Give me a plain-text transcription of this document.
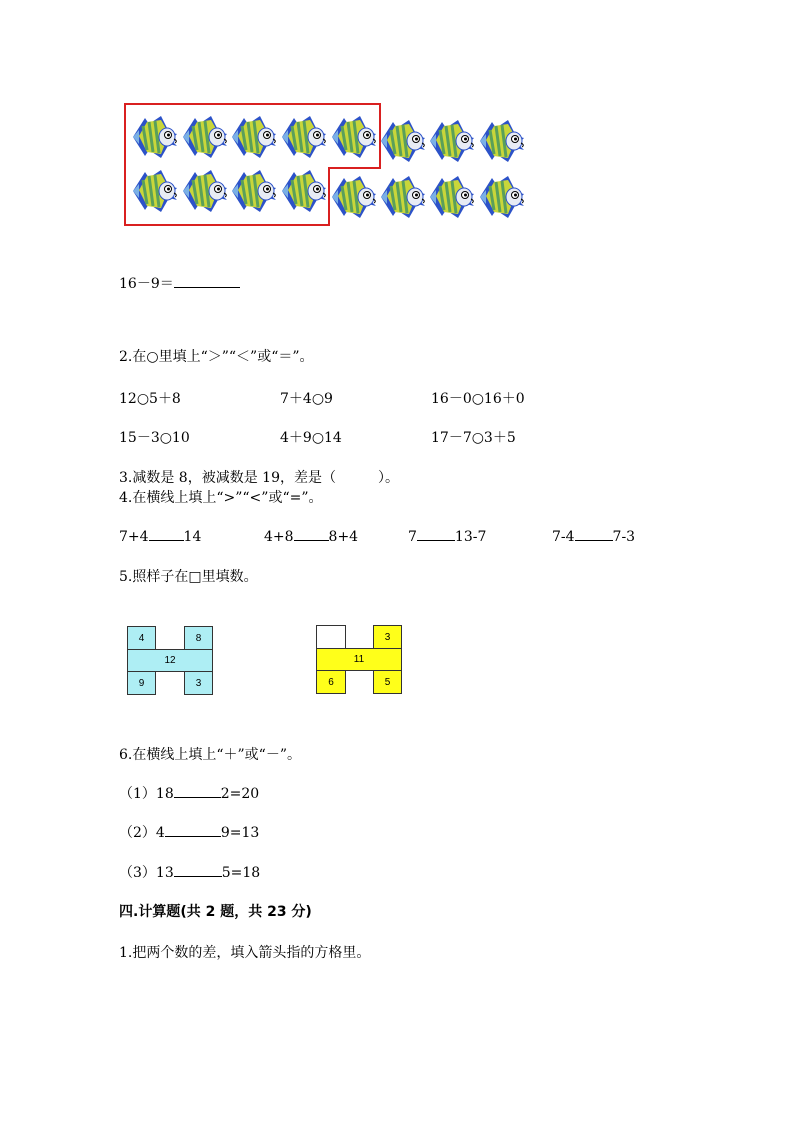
16－9＝
2.在○里填上“＞”“＜”或“＝”。
12○5＋8	7＋4○9	16－0○16＋0
15－3○10	4＋9○14	17－7○3＋5
3.减数是 8，被减数是 19，差是（　　　）。
4.在横线上填上“>”“<”或“=”。
7+4	14	4+8	8+4	7	13-7	7-4	7-3
5.照样子在□里填数。
4	8
12
9	3
3
11
6	5
6.在横线上填上“＋”或“－”。
（1）18	2=20
（2）4	9=13
（3）13	5=18
四.计算题(共 2 题，共 23 分)
1.把两个数的差，填入箭头指的方格里。
